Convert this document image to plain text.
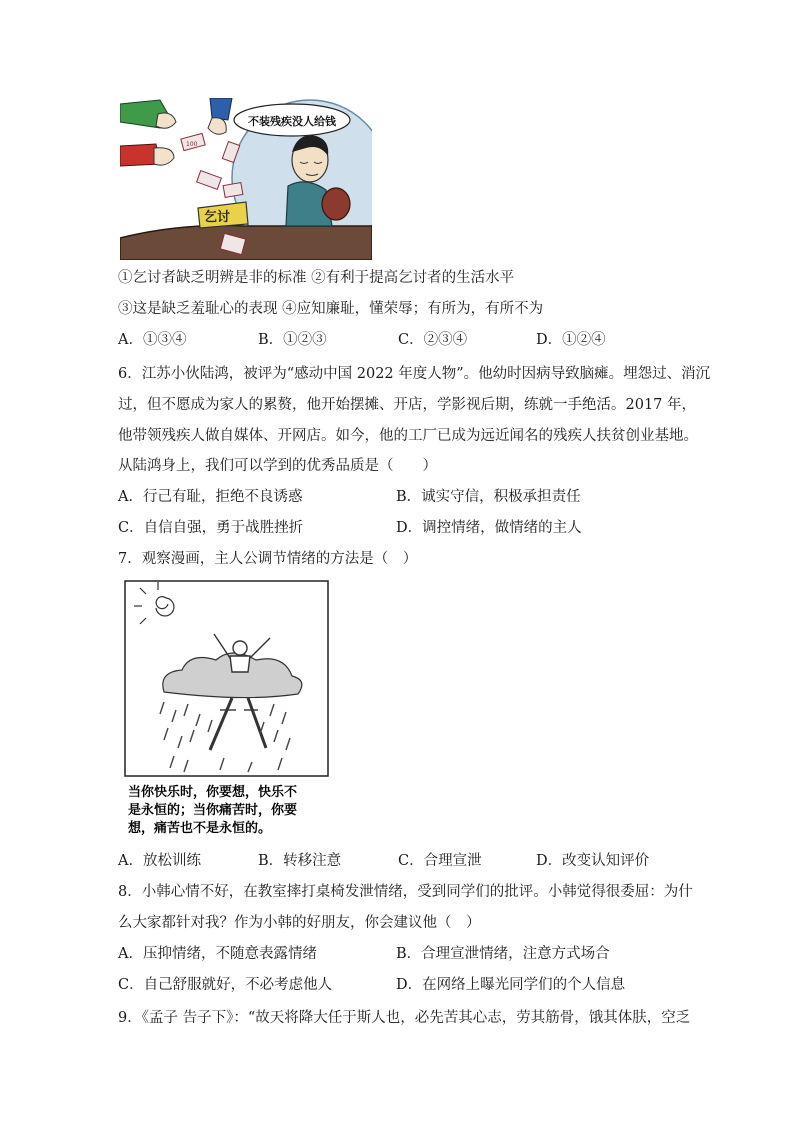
100
乞讨
不装残疾没人给钱
①乞讨者缺乏明辨是非的标准 ②有利于提高乞讨者的生活水平
③这是缺乏羞耻心的表现 ④应知廉耻，懂荣辱；有所为，有所不为
A．①③④	B．①②③	C．②③④	D．①②④
6．江苏小伙陆鸿，被评为“感动中国 2022 年度人物”。他幼时因病导致脑瘫。埋怨过、消沉
过，但不愿成为家人的累赘，他开始摆摊、开店，学影视后期，练就一手绝活。2017 年，
他带领残疾人做自媒体、开网店。如今，他的工厂已成为远近闻名的残疾人扶贫创业基地。
从陆鸿身上，我们可以学到的优秀品质是（　　）
A．行己有耻，拒绝不良诱惑	B．诚实守信，积极承担责任
C．自信自强，勇于战胜挫折	D．调控情绪，做情绪的主人
7．观察漫画，主人公调节情绪的方法是（　）
当你快乐时，你要想，快乐不
是永恒的；当你痛苦时，你要
想，痛苦也不是永恒的。
A．放松训练	B．转移注意	C．合理宣泄	D．改变认知评价
8．小韩心情不好，在教室摔打桌椅发泄情绪，受到同学们的批评。小韩觉得很委屈：为什
么大家都针对我？作为小韩的好朋友，你会建议他（　）
A．压抑情绪，不随意表露情绪	B．合理宣泄情绪，注意方式场合
C．自己舒服就好，不必考虑他人	D．在网络上曝光同学们的个人信息
9．《孟子 告子下》：“故天将降大任于斯人也，必先苦其心志，劳其筋骨，饿其体肤，空乏
